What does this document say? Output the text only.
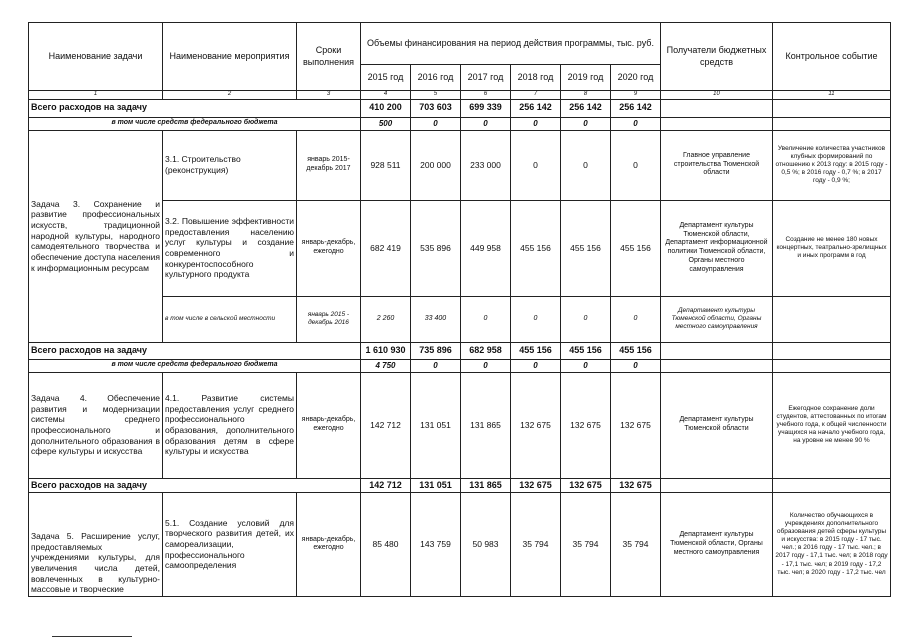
Наименование задачи	Наименование мероприятия	Сроки выполнения	Объемы финансирования на период действия программы, тыс. руб.						Получатели бюджетных средств	Контрольное событие
			2015 год	2016 год	2017 год	2018 год	2019 год	2020 год		
1	2	3	4	5	6	7	8	9	10	11
Всего расходов на задачу			410 200	703 603	699 339	256 142	256 142	256 142		
в том числе средств федерального бюджета			500	0	0	0	0	0		
Задача 3. Сохранение и развитие профессиональных искусств, традиционной народной культуры, народного самодеятельного творчества и обеспечение доступа населения к информационным ресурсам	3.1. Строительство (реконструкция)	январь 2015-декабрь 2017	928 511	200 000	233 000	0	0	0	Главное управление строительства Тюменской области	Увеличение количества участников клубных формирований по отношению к 2013 году: в 2015 году - 0,5 %; в 2016 году - 0,7 %; в 2017 году - 0,9 %;
	3.2. Повышение эффективности предоставления населению услуг культуры и создание современного и конкурентоспособного культурного продукта	январь-декабрь, ежегодно	682 419	535 896	449 958	455 156	455 156	455 156	Департамент культуры Тюменской области, Департамент информационной политики Тюменской области, Органы местного самоуправления	Создание не менее 180 новых концертных, театрально-зрелищных и иных программ в год
	в том числе в сельской местности	январь 2015 - декабрь 2016	2 260	33 400	0	0	0	0	Департамент культуры Тюменской области, Органы местного самоуправления	
Всего расходов на задачу			1 610 930	735 896	682 958	455 156	455 156	455 156		
в том числе средств федерального бюджета			4 750	0	0	0	0	0		
Задача 4. Обеспечение развития и модернизации системы среднего профессионального и дополнительного образования в сфере культуры и искусства	4.1. Развитие системы предоставления услуг среднего профессионального образования, дополнительного образования детям в сфере культуры и искусства	январь-декабрь, ежегодно	142 712	131 051	131 865	132 675	132 675	132 675	Департамент культуры Тюменской области	Ежегодное сохранение доли студентов, аттестованных по итогам учебного года, к общей численности учащихся на начало учебного года, на уровне не менее 90 %
Всего расходов на задачу			142 712	131 051	131 865	132 675	132 675	132 675		
Задача 5. Расширение услуг, предоставляемых учреждениями культуры, для увеличения числа детей, вовлеченных в культурно-массовые и творческие	5.1. Создание условий для творческого развития детей, их самореализации, профессионального самоопределения	январь-декабрь, ежегодно	85 480	143 759	50 983	35 794	35 794	35 794	Департамент культуры Тюменской области, Органы местного самоуправления	Количество обучающихся в учреждениях дополнительного образования детей сферы культуры и искусства: в 2015 году - 17 тыс. чел.; в 2016 году - 17 тыс. чел.; в 2017 году - 17,1 тыс. чел; в 2018 году - 17,1 тыс. чел; в 2019 году - 17,2 тыс. чел; в 2020 году - 17,2 тыс. чел
